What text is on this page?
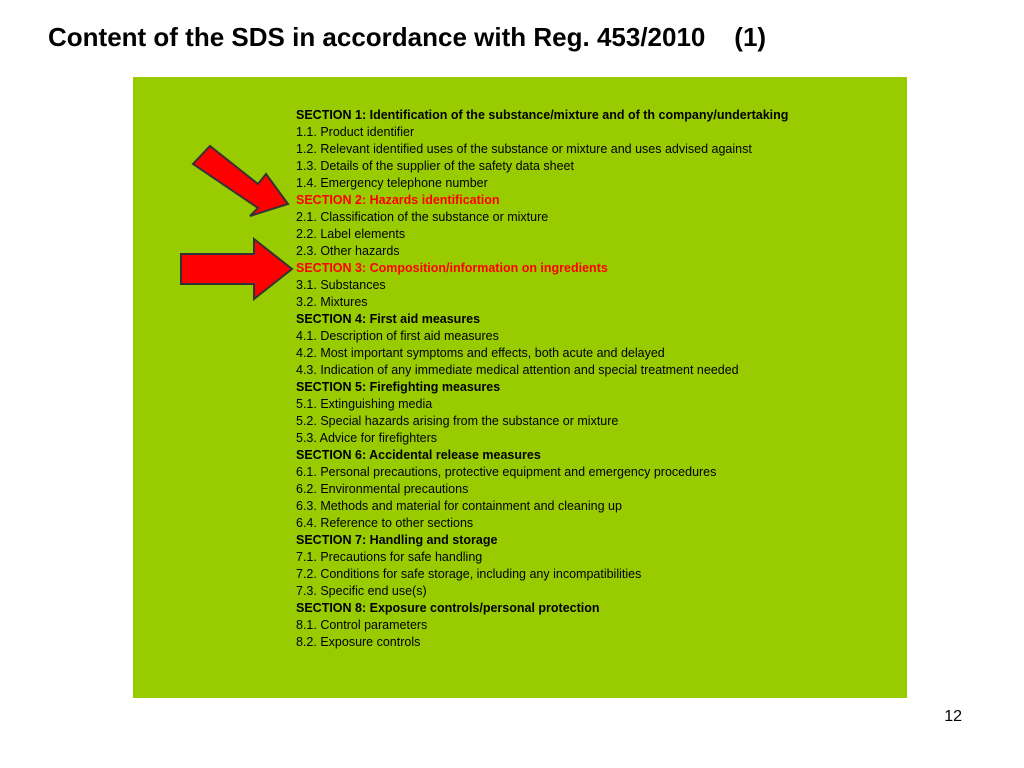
Content of the SDS in accordance with Reg. 453/2010    (1)
SECTION 1: Identification of the substance/mixture and of th company/undertaking
1.1. Product identifier
1.2. Relevant identified uses of the substance or mixture and uses advised against
1.3. Details of the supplier of the safety data sheet
1.4. Emergency telephone number
SECTION 2: Hazards identification
2.1. Classification of the substance or mixture
2.2. Label elements
2.3. Other hazards
SECTION 3: Composition/information on ingredients
3.1. Substances
3.2. Mixtures
SECTION 4: First aid measures
4.1. Description of first aid measures
4.2. Most important symptoms and effects, both acute and delayed
4.3. Indication of any immediate medical attention and special treatment needed
SECTION 5: Firefighting measures
5.1. Extinguishing media
5.2. Special hazards arising from the substance or mixture
5.3. Advice for firefighters
SECTION 6: Accidental release measures
6.1. Personal precautions, protective equipment and emergency procedures
6.2. Environmental precautions
6.3. Methods and material for containment and cleaning up
6.4. Reference to other sections
SECTION 7: Handling and storage
7.1. Precautions for safe handling
7.2. Conditions for safe storage, including any incompatibilities
7.3. Specific end use(s)
SECTION 8: Exposure controls/personal protection
8.1. Control parameters
8.2. Exposure controls
12
